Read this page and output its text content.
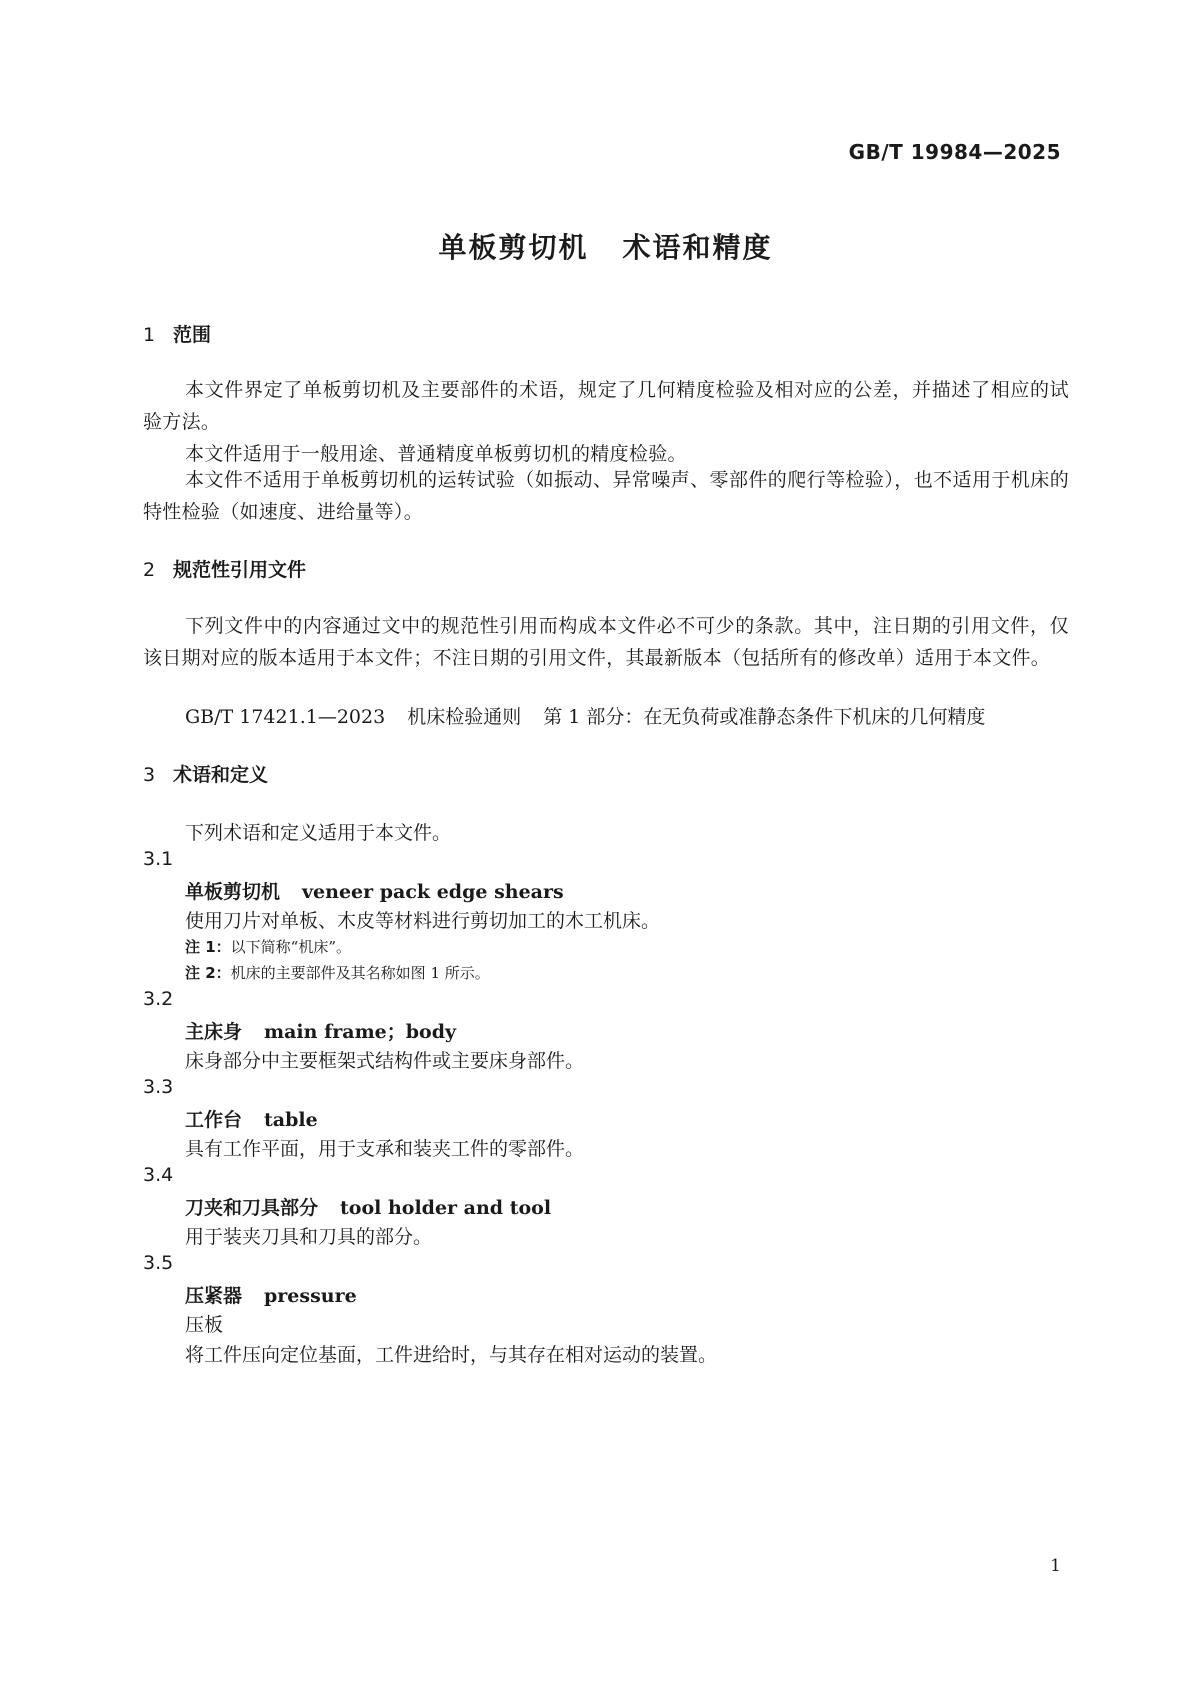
GB/T 19984—2025
单板剪切机 术语和精度
1 范围
本文件界定了单板剪切机及主要部件的术语，规定了几何精度检验及相对应的公差，并描述了相应的试验方法。
本文件适用于一般用途、普通精度单板剪切机的精度检验。
本文件不适用于单板剪切机的运转试验（如振动、异常噪声、零部件的爬行等检验），也不适用于机床的特性检验（如速度、进给量等）。
2 规范性引用文件
下列文件中的内容通过文中的规范性引用而构成本文件必不可少的条款。其中，注日期的引用文件，仅该日期对应的版本适用于本文件；不注日期的引用文件，其最新版本（包括所有的修改单）适用于本文件。
GB/T 17421.1—2023 机床检验通则 第 1 部分：在无负荷或准静态条件下机床的几何精度
3 术语和定义
下列术语和定义适用于本文件。
3.1
单板剪切机 veneer pack edge shears
使用刀片对单板、木皮等材料进行剪切加工的木工机床。
注 1：以下简称“机床”。
注 2：机床的主要部件及其名称如图 1 所示。
3.2
主床身 main frame；body
床身部分中主要框架式结构件或主要床身部件。
3.3
工作台 table
具有工作平面，用于支承和装夹工件的零部件。
3.4
刀夹和刀具部分 tool holder and tool
用于装夹刀具和刀具的部分。
3.5
压紧器 pressure
压板
将工件压向定位基面，工件进给时，与其存在相对运动的装置。
1
